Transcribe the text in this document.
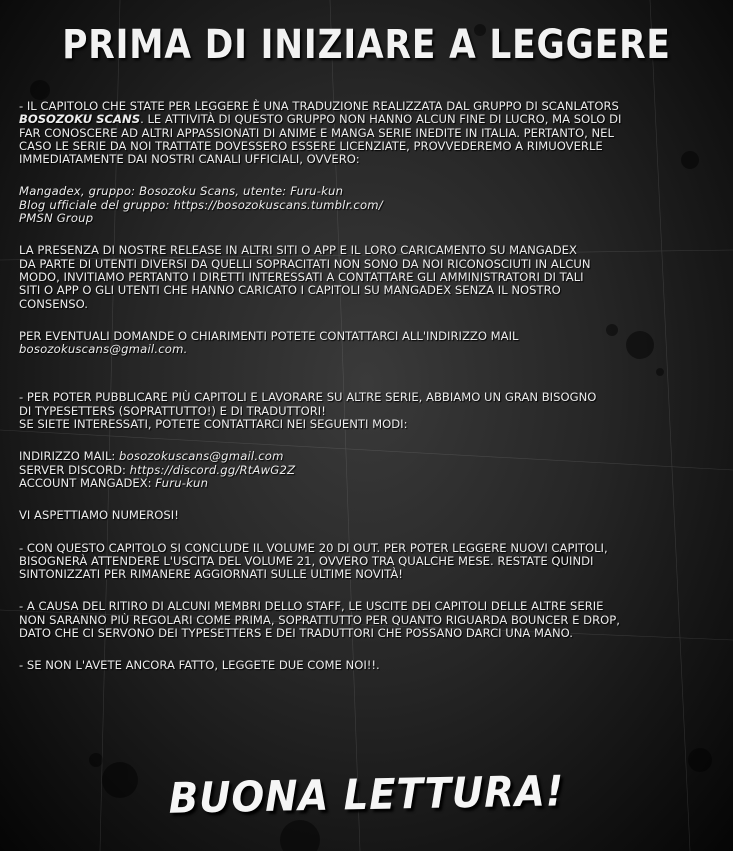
PRIMA DI INIZIARE A LEGGERE
- IL CAPITOLO CHE STATE PER LEGGERE È UNA TRADUZIONE REALIZZATA DAL GRUPPO DI SCANLATORS
BOSOZOKU SCANS. LE ATTIVITÀ DI QUESTO GRUPPO NON HANNO ALCUN FINE DI LUCRO, MA SOLO DI
FAR CONOSCERE AD ALTRI APPASSIONATI DI ANIME E MANGA SERIE INEDITE IN ITALIA. PERTANTO, NEL
CASO LE SERIE DA NOI TRATTATE DOVESSERO ESSERE LICENZIATE, PROVVEDEREMO A RIMUOVERLE
IMMEDIATAMENTE DAI NOSTRI CANALI UFFICIALI, OVVERO:
Mangadex, gruppo: Bosozoku Scans, utente: Furu-kun
Blog ufficiale del gruppo: https://bosozokuscans.tumblr.com/
PMSN Group
LA PRESENZA DI NOSTRE RELEASE IN ALTRI SITI O APP E IL LORO CARICAMENTO SU MANGADEX
DA PARTE DI UTENTI DIVERSI DA QUELLI SOPRACITATI NON SONO DA NOI RICONOSCIUTI IN ALCUN
MODO, INVITIAMO PERTANTO I DIRETTI INTERESSATI A CONTATTARE GLI AMMINISTRATORI DI TALI
SITI O APP O GLI UTENTI CHE HANNO CARICATO I CAPITOLI SU MANGADEX SENZA IL NOSTRO
CONSENSO.
PER EVENTUALI DOMANDE O CHIARIMENTI POTETE CONTATTARCI ALL'INDIRIZZO MAIL
bosozokuscans@gmail.com.
- PER POTER PUBBLICARE PIÙ CAPITOLI E LAVORARE SU ALTRE SERIE, ABBIAMO UN GRAN BISOGNO
DI TYPESETTERS (SOPRATTUTTO!) E DI TRADUTTORI!
SE SIETE INTERESSATI, POTETE CONTATTARCI NEI SEGUENTI MODI:
INDIRIZZO MAIL: bosozokuscans@gmail.com
SERVER DISCORD: https://discord.gg/RtAwG2Z
ACCOUNT MANGADEX: Furu-kun
VI ASPETTIAMO NUMEROSI!
- CON QUESTO CAPITOLO SI CONCLUDE IL VOLUME 20 DI OUT. PER POTER LEGGERE NUOVI CAPITOLI,
BISOGNERÀ ATTENDERE L'USCITA DEL VOLUME 21, OVVERO TRA QUALCHE MESE. RESTATE QUINDI
SINTONIZZATI PER RIMANERE AGGIORNATI SULLE ULTIME NOVITÀ!
- A CAUSA DEL RITIRO DI ALCUNI MEMBRI DELLO STAFF, LE USCITE DEI CAPITOLI DELLE ALTRE SERIE
NON SARANNO PIÙ REGOLARI COME PRIMA, SOPRATTUTTO PER QUANTO RIGUARDA BOUNCER E DROP,
DATO CHE CI SERVONO DEI TYPESETTERS E DEI TRADUTTORI CHE POSSANO DARCI UNA MANO.
- SE NON L'AVETE ANCORA FATTO, LEGGETE DUE COME NOI!!.
BUONA LETTURA!
